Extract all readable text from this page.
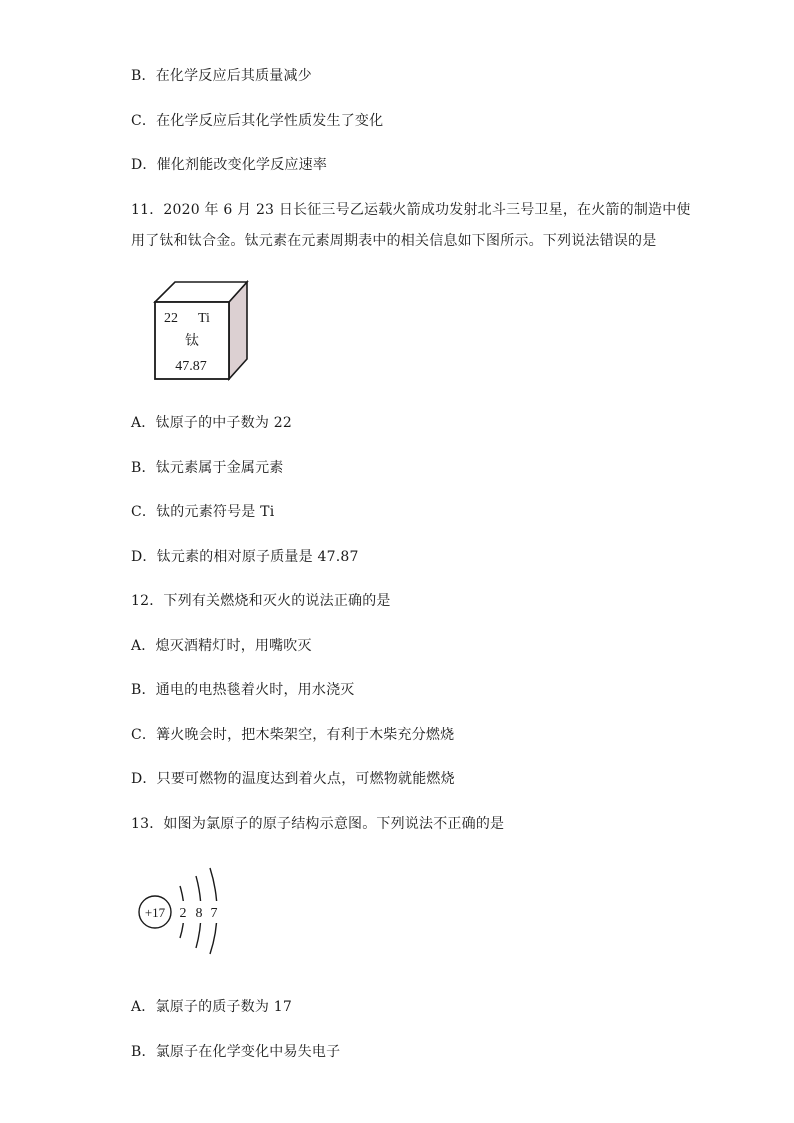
B．在化学反应后其质量减少
C．在化学反应后其化学性质发生了变化
D．催化剂能改变化学反应速率
11．2020 年 6 月 23 日长征三号乙运载火箭成功发射北斗三号卫星，在火箭的制造中使
用了钛和钛合金。钛元素在元素周期表中的相关信息如下图所示。下列说法错误的是
22 Ti
钛
47.87
A．钛原子的中子数为 22
B．钛元素属于金属元素
C．钛的元素符号是 Ti
D．钛元素的相对原子质量是 47.87
12．下列有关燃烧和灭火的说法正确的是
A．熄灭酒精灯时，用嘴吹灭
B．通电的电热毯着火时，用水浇灭
C．篝火晚会时，把木柴架空，有利于木柴充分燃烧
D．只要可燃物的温度达到着火点，可燃物就能燃烧
13．如图为氯原子的原子结构示意图。下列说法不正确的是
+17 2 8 7
A．氯原子的质子数为 17
B．氯原子在化学变化中易失电子
